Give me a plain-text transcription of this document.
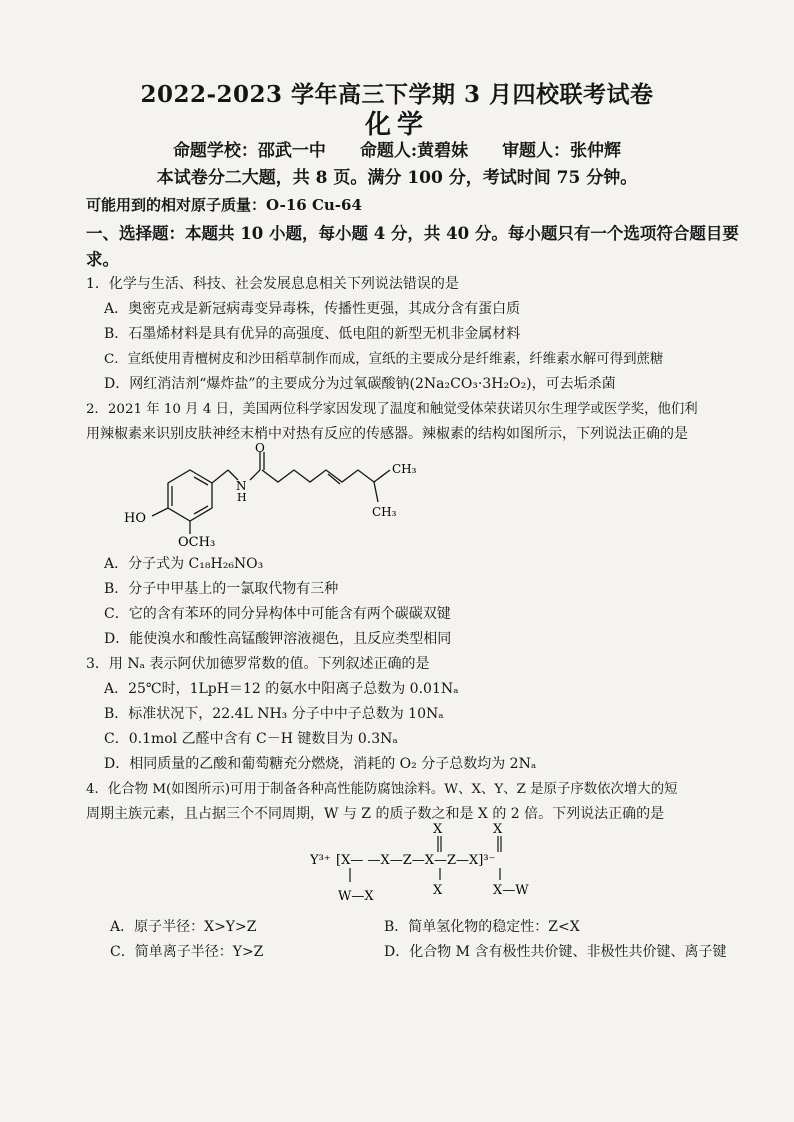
2022-2023 学年高三下学期 3 月四校联考试卷
化学
命题学校：邵武一中 命题人:黄碧妹 审题人：张仲辉
本试卷分二大题，共 8 页。满分 100 分，考试时间 75 分钟。
可能用到的相对原子质量：O-16 Cu-64
一、选择题：本题共 10 小题，每小题 4 分，共 40 分。每小题只有一个选项符合题目要
求。
1．化学与生活、科技、社会发展息息相关下列说法错误的是
A．奥密克戎是新冠病毒变异毒株，传播性更强，其成分含有蛋白质
B．石墨烯材料是具有优异的高强度、低电阻的新型无机非金属材料
C．宣纸使用青檀树皮和沙田稻草制作而成，宣纸的主要成分是纤维素，纤维素水解可得到蔗糖
D．网红消洁剂“爆炸盐”的主要成分为过氧碳酸钠(2Na₂CO₃·3H₂O₂)，可去垢杀菌
2．2021 年 10 月 4 日，美国两位科学家因发现了温度和触觉受体荣获诺贝尔生理学或医学奖，他们利
用辣椒素来识别皮肤神经末梢中对热有反应的传感器。辣椒素的结构如图所示，下列说法正确的是
O
N
H
CH₃
CH₃
HO
OCH₃
A．分子式为 C₁₈H₂₆NO₃
B．分子中甲基上的一氯取代物有三种
C．它的含有苯环的同分异构体中可能含有两个碳碳双键
D．能使溴水和酸性高锰酸钾溶液褪色，且反应类型相同
3．用 Nₐ 表示阿伏加德罗常数的值。下列叙述正确的是
A．25℃时，1LpH＝12 的氨水中阳离子总数为 0.01Nₐ
B．标准状况下，22.4L NH₃ 分子中中子总数为 10Nₐ
C．0.1mol 乙醛中含有 C－H 键数目为 0.3Nₐ
D．相同质量的乙酸和葡萄糖充分燃烧，消耗的 O₂ 分子总数均为 2Nₐ
4．化合物 M(如图所示)可用于制备各种高性能防腐蚀涂料。W、X、Y、Z 是原子序数依次增大的短
周期主族元素，且占据三个不同周期，W 与 Z 的质子数之和是 X 的 2 倍。下列说法正确的是
X	X
Y³⁺ [X— —X—Z—X—Z—X]³⁻
X	X—W
W—X
A．原子半径：X>Y>Z	B．简单氢化物的稳定性：Z<X
C．简单离子半径：Y>Z	D．化合物 M 含有极性共价键、非极性共价键、离子键
